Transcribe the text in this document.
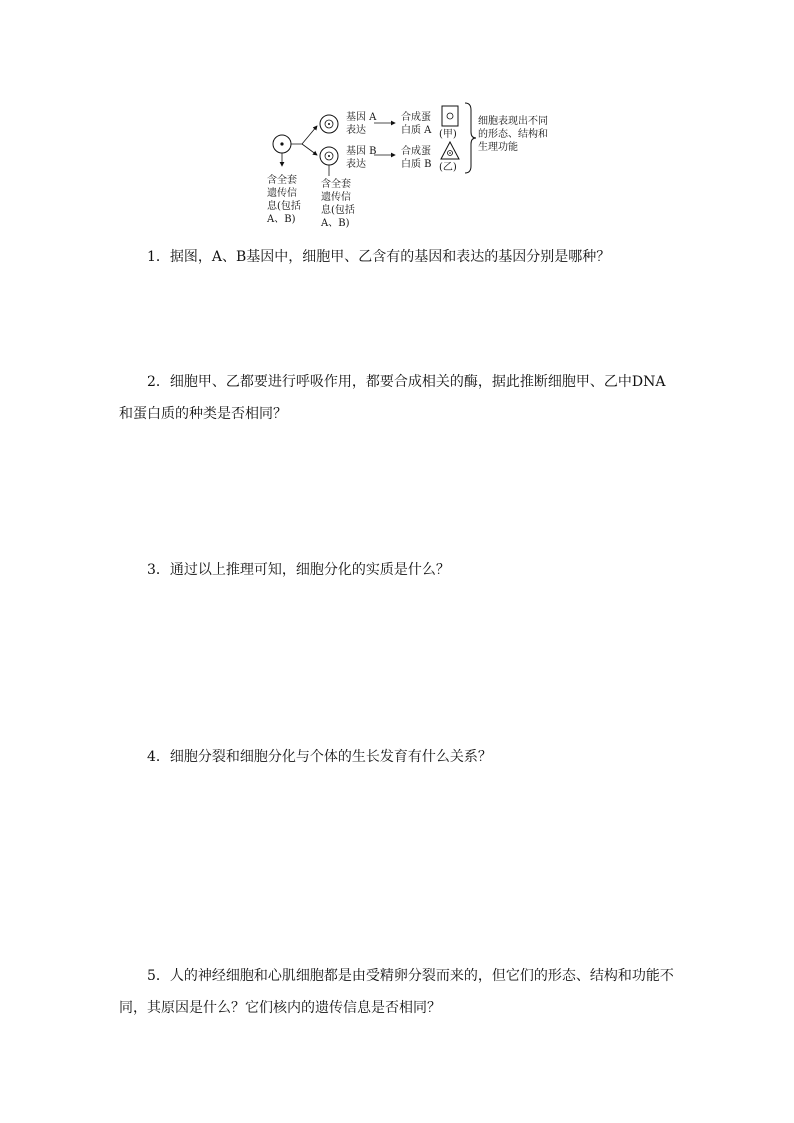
含全套
遗传信
息(包括
A、B)
含全套
遗传信
息(包括
A、B)
基因 A
表达
基因 B
表达
合成蛋
白质 A
合成蛋
白质 B
(甲)
(乙)
细胞表现出不同
的形态、结构和
生理功能

1．据图，A、B基因中，细胞甲、乙含有的基因和表达的基因分别是哪种？

2．细胞甲、乙都要进行呼吸作用，都要合成相关的酶，据此推断细胞甲、乙中DNA和蛋白质的种类是否相同？

3．通过以上推理可知，细胞分化的实质是什么？

4．细胞分裂和细胞分化与个体的生长发育有什么关系？

5．人的神经细胞和心肌细胞都是由受精卵分裂而来的，但它们的形态、结构和功能不同，其原因是什么？它们核内的遗传信息是否相同？
